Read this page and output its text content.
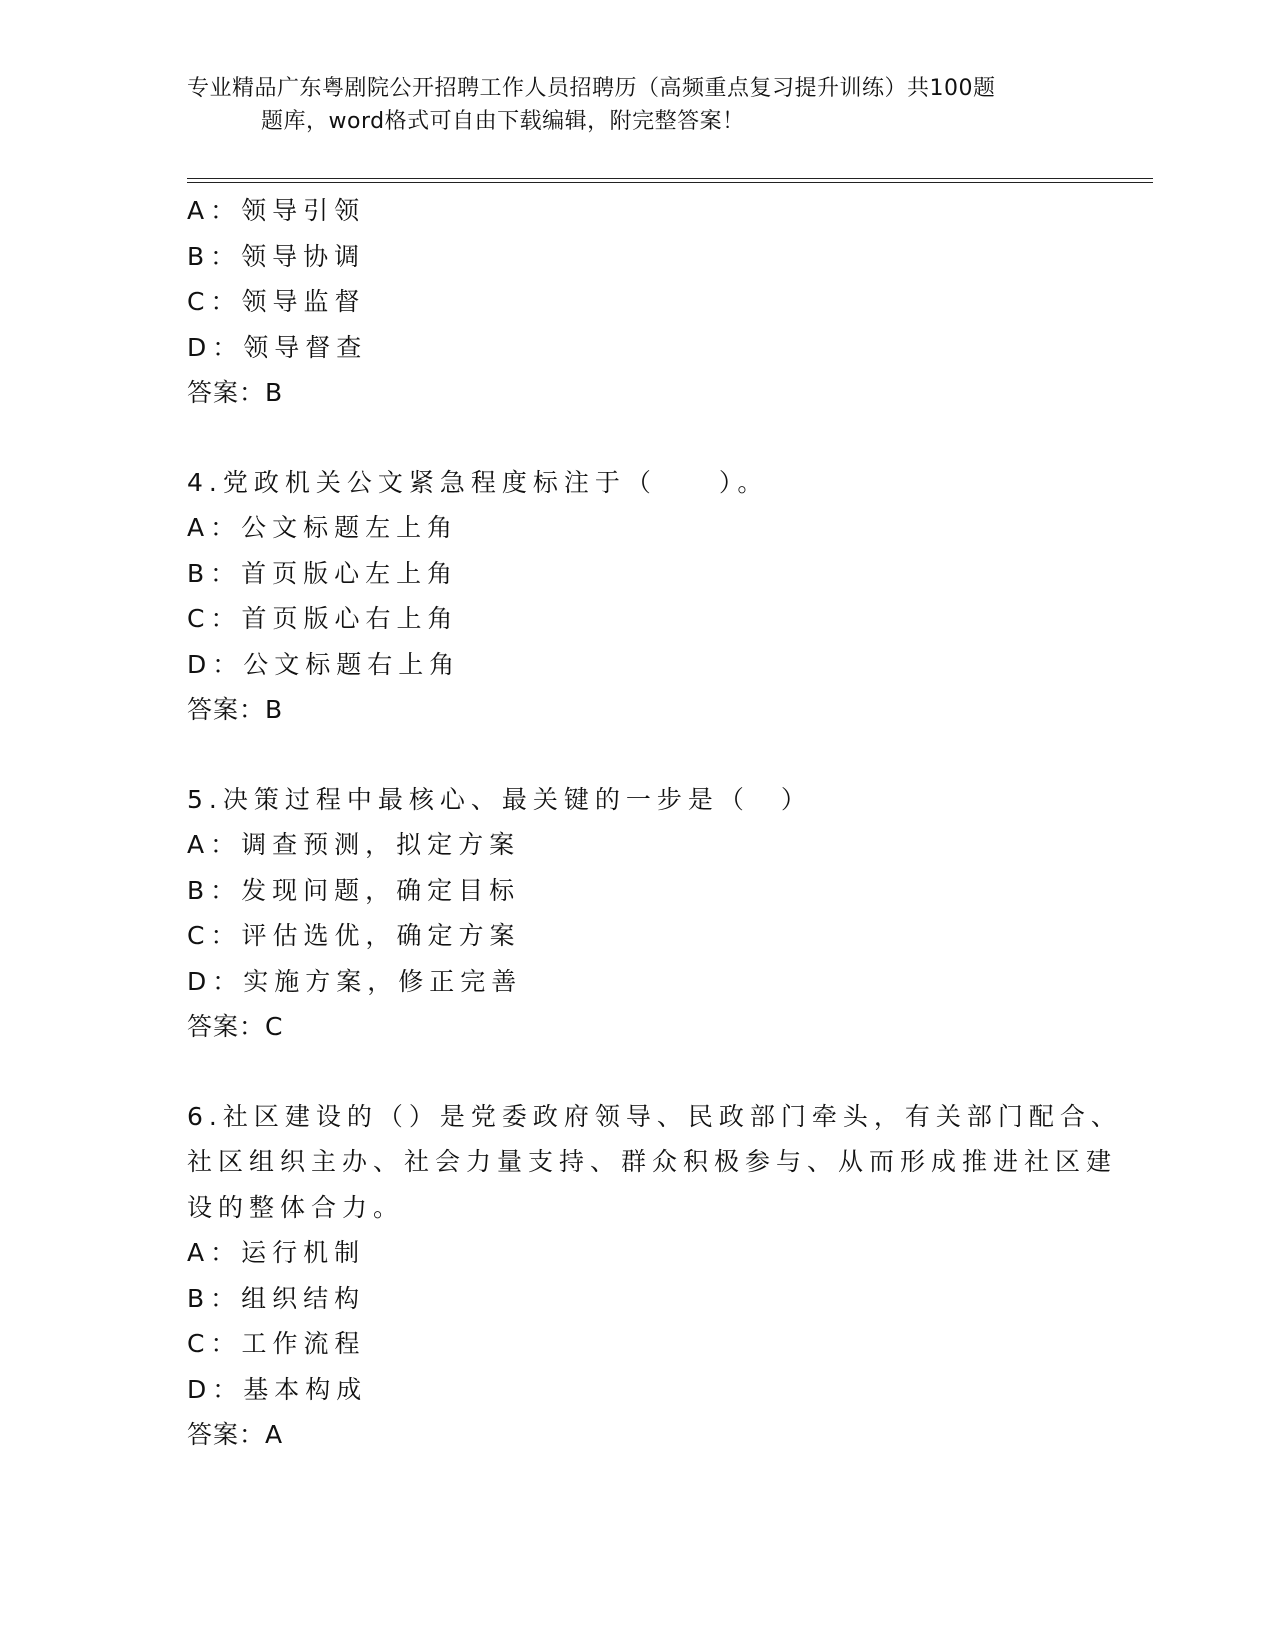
专业精品广东粤剧院公开招聘工作人员招聘历（高频重点复习提升训练）共100题
题库，word格式可自由下载编辑，附完整答案！
A：领导引领
B：领导协调
C：领导监督
D：领导督查
答案：B
4.党政机关公文紧急程度标注于（　　）。
A：公文标题左上角
B：首页版心左上角
C：首页版心右上角
D：公文标题右上角
答案：B
5.决策过程中最核心、最关键的一步是（　）
A：调查预测，拟定方案
B：发现问题，确定目标
C：评估选优，确定方案
D：实施方案，修正完善
答案：C
6.社区建设的（）是党委政府领导、民政部门牵头，有关部门配合、
社区组织主办、社会力量支持、群众积极参与、从而形成推进社区建
设的整体合力。
A：运行机制
B：组织结构
C：工作流程
D：基本构成
答案：A
